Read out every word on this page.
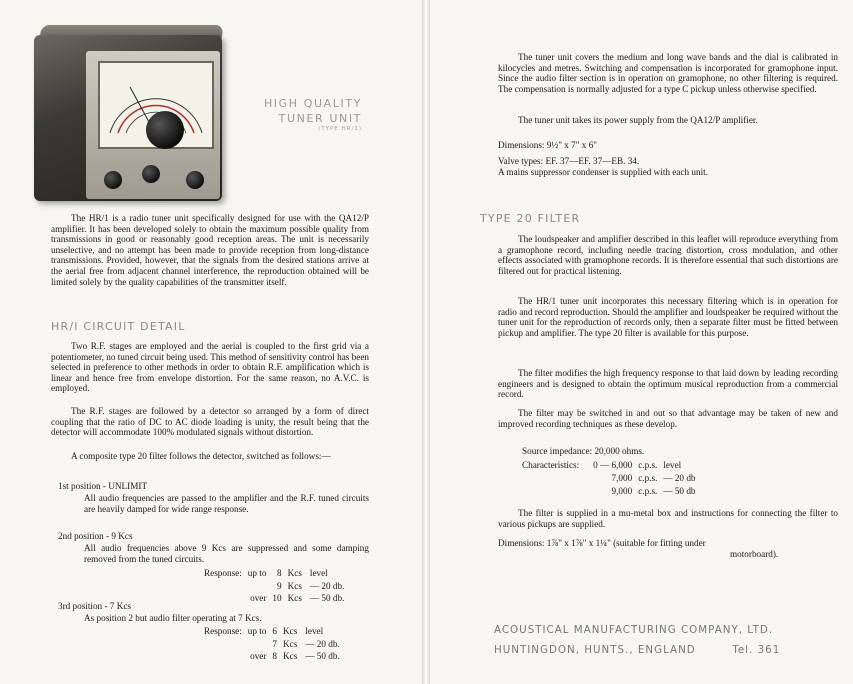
HIGH QUALITY
TUNER UNIT
(TYPE HR/1)

The HR/1 is a radio tuner unit specifically designed for use with the QA12/P amplifier. It has been developed solely to obtain the maximum possible quality from transmissions in good or reasonably good reception areas. The unit is necessarily unselective, and no attempt has been made to provide reception from long-distance transmissions. Provided, however, that the signals from the desired stations arrive at the aerial free from adjacent channel interference, the reproduction obtained will be limited solely by the quality capabilities of the transmitter itself.

HR/I CIRCUIT DETAIL

Two R.F. stages are employed and the aerial is coupled to the first grid via a potentiometer, no tuned circuit being used. This method of sensitivity control has been selected in preference to other methods in order to obtain R.F. amplification which is linear and hence free from envelope distortion. For the same reason, no A.V.C. is employed.

The R.F. stages are followed by a detector so arranged by a form of direct coupling that the ratio of DC to AC diode loading is unity, the result being that the detector will accommodate 100% modulated signals without distortion.

A composite type 20 filter follows the detector, switched as follows:—

1st position - UNLIMIT

All audio frequencies are passed to the amplifier and the R.F. tuned circuits are heavily damped for wide range response.

2nd position - 9 Kcs

All audio frequencies above 9 Kcs are suppressed and some damping removed from the tuned circuits.

Response:	up to	8	Kcs	level
		9	Kcs	— 20 db.
	over	10	Kcs	— 50 db.
3rd position - 7 Kcs

As position 2 but audio filter operating at 7 Kcs.

Response:	up to	6	Kcs	level
		7	Kcs	— 20 db.
	over	8	Kcs	— 50 db.

The tuner unit covers the medium and long wave bands and the dial is calibrated in kilocycles and metres. Switching and compensation is incorporated for gramophone input. Since the audio filter section is in operation on gramophone, no other filtering is required. The compensation is normally adjusted for a type C pickup unless otherwise specified.

The tuner unit takes its power supply from the QA12/P amplifier.

Dimensions: 9½" x 7" x 6"
Valve types: EF. 37—EF. 37—EB. 34.
A mains suppressor condenser is supplied with each unit.
TYPE 20 FILTER

The loudspeaker and amplifier described in this leaflet will reproduce everything from a gramophone record, including needle tracing distortion, cross modulation, and other effects associated with gramophone records. It is therefore essential that such distortions are filtered out for practical listening.

The HR/1 tuner unit incorporates this necessary filtering which is in operation for radio and record reproduction. Should the amplifier and loudspeaker be required without the tuner unit for the reproduction of records only, then a separate filter must be fitted between pickup and amplifier. The type 20 filter is available for this purpose.

The filter modifies the high frequency response to that laid down by leading recording engineers and is designed to obtain the optimum musical reproduction from a commercial record.

The filter may be switched in and out so that advantage may be taken of new and improved recording techniques as these develop.

Source impedance: 20,000 ohms.
Characteristics:	0 — 6,000	c.p.s.	level
	7,000	c.p.s.	— 20 db
	9,000	c.p.s.	— 50 db

The filter is supplied in a mu-metal box and instructions for connecting the filter to various pickups are supplied.

Dimensions: 1⅞" x 1⅞" x 1¼" (suitable for fitting under
motorboard).
ACOUSTICAL MANUFACTURING COMPANY, LTD.
HUNTINGDON, HUNTS., ENGLAND	Tel. 361
